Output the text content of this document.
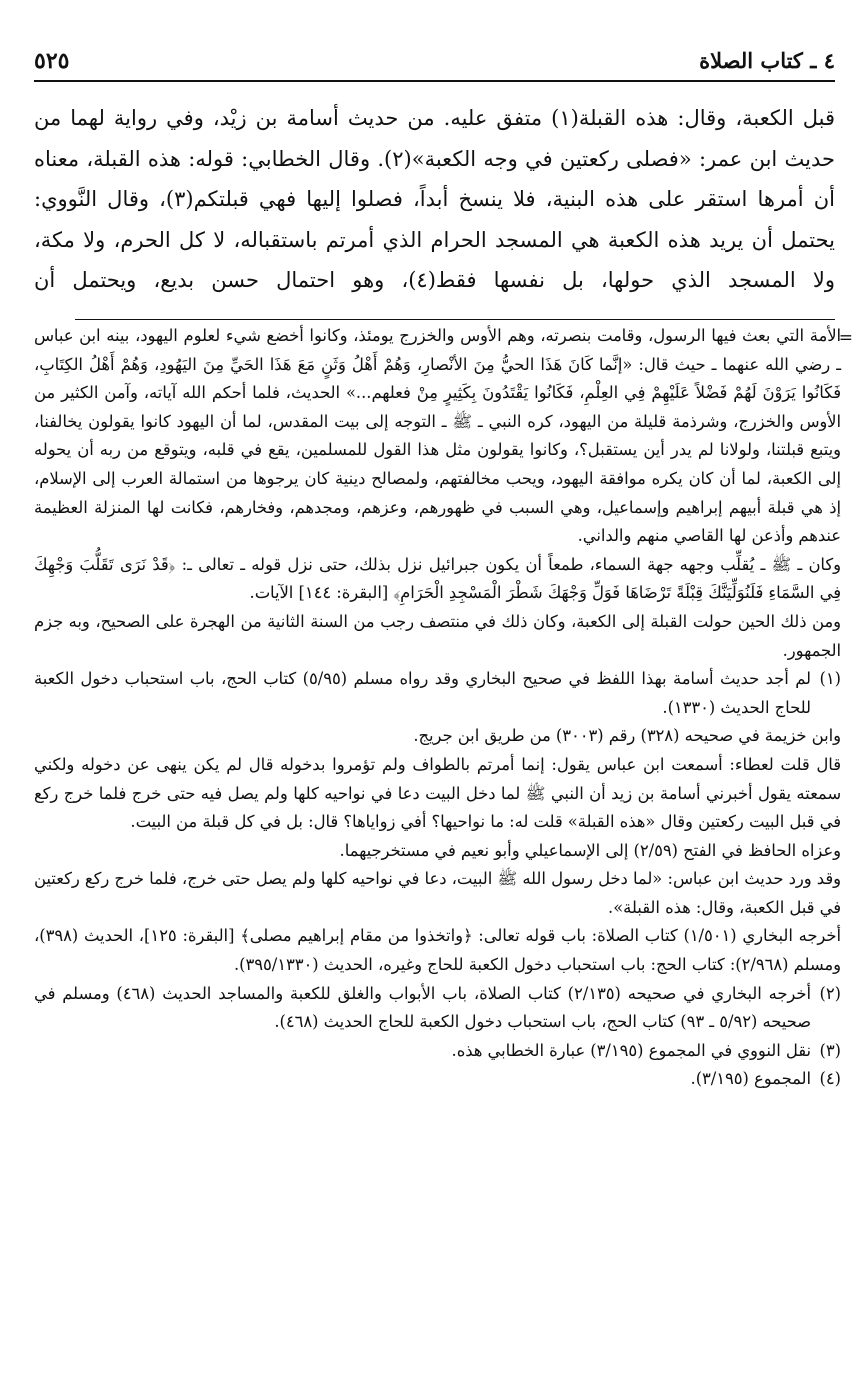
٤ ـ كتاب الصلاة
٥٢٥

قبل الكعبة، وقال: هذه القبلة(١) متفق عليه. من حديث أسامة بن زيْد، وفي رواية لهما من حديث ابن عمر: «فصلى ركعتين في وجه الكعبة»(٢). وقال الخطابي: قوله: هذه القبلة، معناه أن أمرها استقر على هذه البنية، فلا ينسخ أبداً، فصلوا إليها فهي قبلتكم(٣)، وقال النَّووي: يحتمل أن يريد هذه الكعبة هي المسجد الحرام الذي أمرتم باستقباله، لا كل الحرم، ولا مكة، ولا المسجد الذي حولها، بل نفسها فقط(٤)، وهو احتمال حسن بديع، ويحتمل أن

=

الأمة التي بعث فيها الرسول، وقامت بنصرته، وهم الأوس والخزرج يومئذ، وكانوا أخضع شيء لعلوم اليهود، بينه ابن عباس ـ رضي الله عنهما ـ حيث قال: «إنَّما كَانَ هَذَا الحيُّ مِنَ الأنْصارِ، وَهُمْ أَهْلُ وَثَنٍ مَعَ هَذَا الحَيِّ مِنَ اليَهُودِ، وَهُمْ أَهْلُ الكِتَابِ، فَكَانُوا يَرَوْنَ لَهُمْ فَضْلاً عَلَيْهِمْ فِي العِلْمِ، فَكَانُوا يَقْتَدُونَ بِكَثِيرٍ مِنْ فعلهم...» الحديث، فلما أحكم الله آياته، وآمن الكثير من الأوس والخزرج، وشرذمة قليلة من اليهود، كره النبي ـ ﷺ ـ التوجه إلى بيت المقدس، لما أن اليهود كانوا يقولون يخالفنا، ويتبع قبلتنا، ولولانا لم يدر أين يستقبل؟، وكانوا يقولون مثل هذا القول للمسلمين، يقع في قلبه، ويتوقع من ربه أن يحوله إلى الكعبة، لما أن كان يكره موافقة اليهود، ويحب مخالفتهم، ولمصالح دينية كان يرجوها من استمالة العرب إلى الإسلام، إذ هي قبلة أبيهم إبراهيم وإسماعيل، وهي السبب في ظهورهم، وعزهم، ومجدهم، وفخارهم، فكانت لها المنزلة العظيمة عندهم وأذعن لها القاصي منهم والداني.

وكان ـ ﷺ ـ يُقلِّب وجهه جهة السماء، طمعاً أن يكون جبرائيل نزل بذلك، حتى نزل قوله ـ تعالى ـ: ﴿قَدْ نَرَى تَقَلُّبَ وَجْهِكَ فِي السَّمَاءِ فَلَنُوَلِّيَنَّكَ قِبْلَةً تَرْضَاهَا فَوَلِّ وَجْهَكَ شَطْرَ الْمَسْجِدِ الْحَرَامِ﴾ [البقرة: ١٤٤] الآيات.

ومن ذلك الحين حولت القبلة إلى الكعبة، وكان ذلك في منتصف رجب من السنة الثانية من الهجرة على الصحيح، وبه جزم الجمهور.

(١)

لم أجد حديث أسامة بهذا اللفظ في صحيح البخاري وقد رواه مسلم (٥/٩٥) كتاب الحج، باب استحباب دخول الكعبة للحاج الحديث (١٣٣٠).

وابن خزيمة في صحيحه (٣٢٨) رقم (٣٠٠٣) من طريق ابن جريج.

قال قلت لعطاء: أسمعت ابن عباس يقول: إنما أمرتم بالطواف ولم تؤمروا بدخوله قال لم يكن ينهى عن دخوله ولكني سمعته يقول أخبرني أسامة بن زيد أن النبي ﷺ لما دخل البيت دعا في نواحيه كلها ولم يصل فيه حتى خرج فلما خرج ركع في قبل البيت ركعتين وقال «هذه القبلة» قلت له: ما نواحيها؟ أفي زواياها؟ قال: بل في كل قبلة من البيت.

وعزاه الحافظ في الفتح (٢/٥٩) إلى الإسماعيلي وأبو نعيم في مستخرجيهما.

وقد ورد حديث ابن عباس: «لما دخل رسول الله ﷺ البيت، دعا في نواحيه كلها ولم يصل حتى خرج، فلما خرج ركع ركعتين في قبل الكعبة، وقال: هذه القبلة».

أخرجه البخاري (١/٥٠١) كتاب الصلاة: باب قوله تعالى: ﴿واتخذوا من مقام إبراهيم مصلى﴾ [البقرة: ١٢٥]، الحديث (٣٩٨)، ومسلم (٢/٩٦٨): كتاب الحج: باب استحباب دخول الكعبة للحاج وغيره، الحديث (٣٩٥/١٣٣٠).

(٢)

أخرجه البخاري في صحيحه (٢/١٣٥) كتاب الصلاة، باب الأبواب والغلق للكعبة والمساجد الحديث (٤٦٨) ومسلم في صحيحه (٥/٩٢ ـ ٩٣) كتاب الحج، باب استحباب دخول الكعبة للحاج الحديث (٤٦٨).

(٣)

نقل النووي في المجموع (٣/١٩٥) عبارة الخطابي هذه.

(٤)

المجموع (٣/١٩٥).
